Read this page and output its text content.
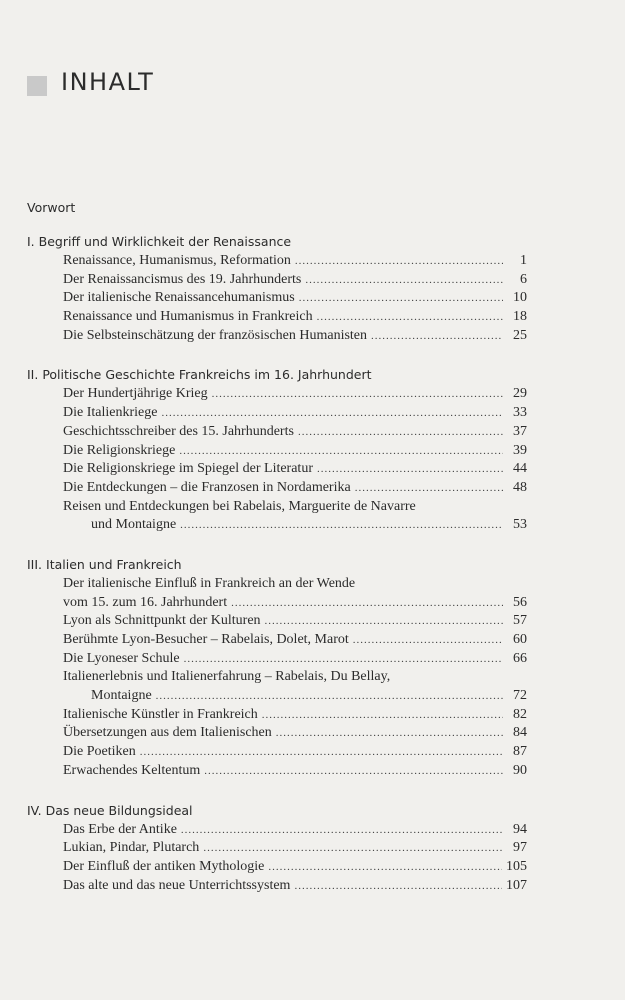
INHALT
Vorwort
I. Begriff und Wirklichkeit der Renaissance
Renaissance, Humanismus, Reformation .....	1
Der Renaissancismus des 19. Jahrhunderts .....	6
Der italienische Renaissancehumanismus .....	10
Renaissance und Humanismus in Frankreich .....	18
Die Selbsteinschätzung der französischen Humanisten .....	25
II. Politische Geschichte Frankreichs im 16. Jahrhundert
Der Hundertjährige Krieg .....	29
Die Italienkriege .....	33
Geschichtsschreiber des 15. Jahrhunderts .....	37
Die Religionskriege .....	39
Die Religionskriege im Spiegel der Literatur .....	44
Die Entdeckungen – die Franzosen in Nordamerika .....	48
Reisen und Entdeckungen bei Rabelais, Marguerite de Navarre
und Montaigne .....	53
III. Italien und Frankreich
Der italienische Einfluß in Frankreich an der Wende
vom 15. zum 16. Jahrhundert .....	56
Lyon als Schnittpunkt der Kulturen .....	57
Berühmte Lyon-Besucher – Rabelais, Dolet, Marot .....	60
Die Lyoneser Schule .....	66
Italienerlebnis und Italienerfahrung – Rabelais, Du Bellay,
Montaigne .....	72
Italienische Künstler in Frankreich .....	82
Übersetzungen aus dem Italienischen .....	84
Die Poetiken .....	87
Erwachendes Keltentum .....	90
IV. Das neue Bildungsideal
Das Erbe der Antike .....	94
Lukian, Pindar, Plutarch .....	97
Der Einfluß der antiken Mythologie .....	105
Das alte und das neue Unterrichtssystem .....	107
